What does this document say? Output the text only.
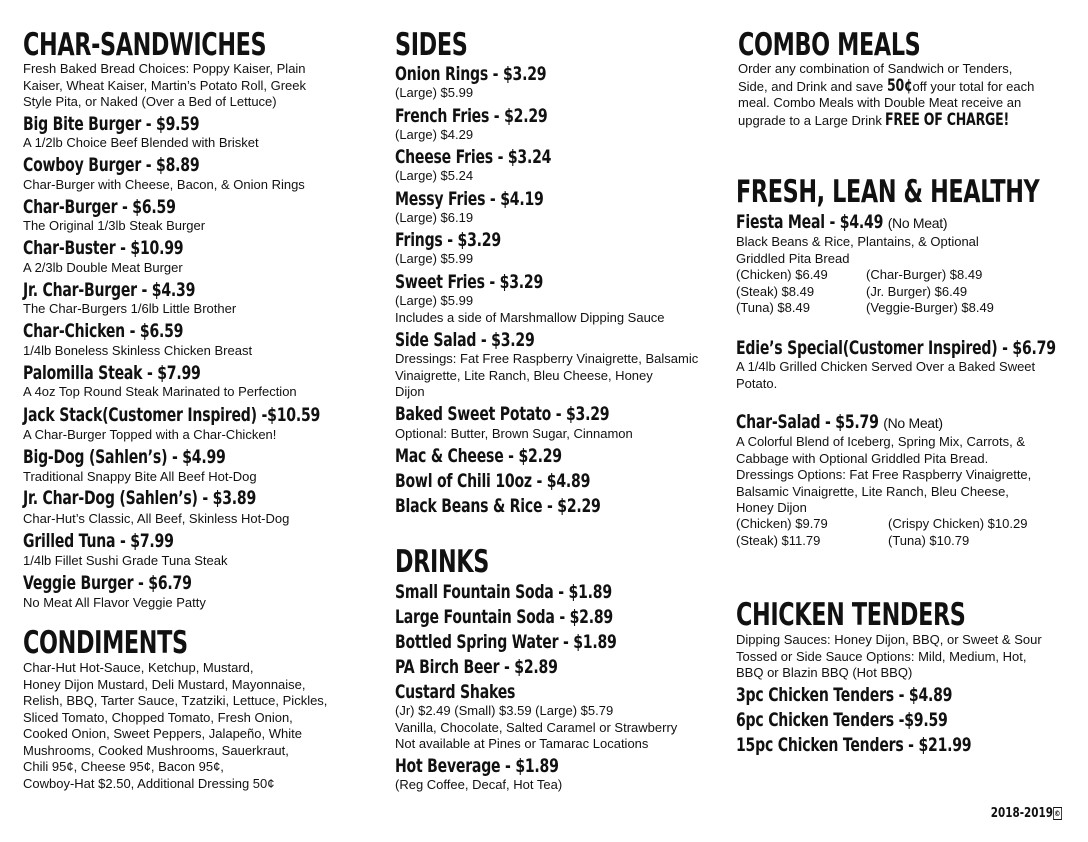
CHAR-SANDWICHES

Fresh Baked Bread Choices: Poppy Kaiser, Plain
Kaiser, Wheat Kaiser, Martin’s Potato Roll, Greek
Style Pita, or Naked (Over a Bed of Lettuce)

Big Bite Burger - $9.59

A 1/2lb Choice Beef Blended with Brisket

Cowboy Burger - $8.89

Char-Burger with Cheese, Bacon, & Onion Rings

Char-Burger - $6.59

The Original 1/3lb Steak Burger

Char-Buster - $10.99

A 2/3lb Double Meat Burger

Jr. Char-Burger - $4.39

The Char-Burgers 1/6lb Little Brother

Char-Chicken - $6.59

1/4lb Boneless Skinless Chicken Breast

Palomilla Steak - $7.99

A 4oz Top Round Steak Marinated to Perfection

Jack Stack(Customer Inspired) -$10.59

A Char-Burger Topped with a Char-Chicken!

Big-Dog (Sahlen’s) - $4.99

Traditional Snappy Bite All Beef Hot-Dog

Jr. Char-Dog (Sahlen’s) - $3.89

Char-Hut’s Classic, All Beef, Skinless Hot-Dog

Grilled Tuna - $7.99

1/4lb Fillet Sushi Grade Tuna Steak

Veggie Burger - $6.79

No Meat All Flavor Veggie Patty

CONDIMENTS

Char-Hut Hot-Sauce, Ketchup, Mustard,
Honey Dijon Mustard, Deli Mustard, Mayonnaise,
Relish, BBQ, Tarter Sauce, Tzatziki, Lettuce, Pickles,
Sliced Tomato, Chopped Tomato, Fresh Onion,
Cooked Onion, Sweet Peppers, Jalapeño, White
Mushrooms, Cooked Mushrooms, Sauerkraut,
Chili 95¢, Cheese 95¢, Bacon 95¢,
Cowboy-Hat $2.50, Additional Dressing 50¢

SIDES

Onion Rings - $3.29

(Large) $5.99

French Fries - $2.29

(Large) $4.29

Cheese Fries - $3.24

(Large) $5.24

Messy Fries - $4.19

(Large) $6.19

Frings - $3.29

(Large) $5.99

Sweet Fries - $3.29

(Large) $5.99
Includes a side of Marshmallow Dipping Sauce

Side Salad - $3.29

Dressings: Fat Free Raspberry Vinaigrette, Balsamic
Vinaigrette, Lite Ranch, Bleu Cheese, Honey
Dijon

Baked Sweet Potato - $3.29

Optional: Butter, Brown Sugar, Cinnamon

Mac & Cheese - $2.29

Bowl of Chili 10oz - $4.89

Black Beans & Rice - $2.29

DRINKS

Small Fountain Soda - $1.89

Large Fountain Soda - $2.89

Bottled Spring Water - $1.89

PA Birch Beer - $2.89

Custard Shakes

(Jr) $2.49 (Small) $3.59 (Large) $5.79
Vanilla, Chocolate, Salted Caramel or Strawberry
Not available at Pines or Tamarac Locations

Hot Beverage - $1.89

(Reg Coffee, Decaf, Hot Tea)

COMBO MEALS

Order any combination of Sandwich or Tenders,
Side, and Drink and save 50¢ off your total for each
meal. Combo Meals with Double Meat receive an
upgrade to a Large Drink FREE OF CHARGE!

FRESH, LEAN & HEALTHY

Fiesta Meal - $4.49 (No Meat)

Black Beans & Rice, Plantains, & Optional
Griddled Pita Bread

(Chicken) $6.49
(Steak) $8.49
(Tuna) $8.49
(Char-Burger) $8.49
(Jr. Burger) $6.49
(Veggie-Burger) $8.49

Edie’s Special(Customer Inspired) - $6.79

A 1/4lb Grilled Chicken Served Over a Baked Sweet
Potato.

Char-Salad - $5.79 (No Meat)

A Colorful Blend of Iceberg, Spring Mix, Carrots, &
Cabbage with Optional Griddled Pita Bread.
Dressings Options: Fat Free Raspberry Vinaigrette,
Balsamic Vinaigrette, Lite Ranch, Bleu Cheese,
Honey Dijon

(Chicken) $9.79
(Steak) $11.79
(Crispy Chicken) $10.29
(Tuna) $10.79
CHICKEN TENDERS

Dipping Sauces: Honey Dijon, BBQ, or Sweet & Sour
Tossed or Side Sauce Options: Mild, Medium, Hot,
BBQ or Blazin BBQ (Hot BBQ)

3pc Chicken Tenders - $4.89

6pc Chicken Tenders -$9.59

15pc Chicken Tenders - $21.99

2018-2019©
